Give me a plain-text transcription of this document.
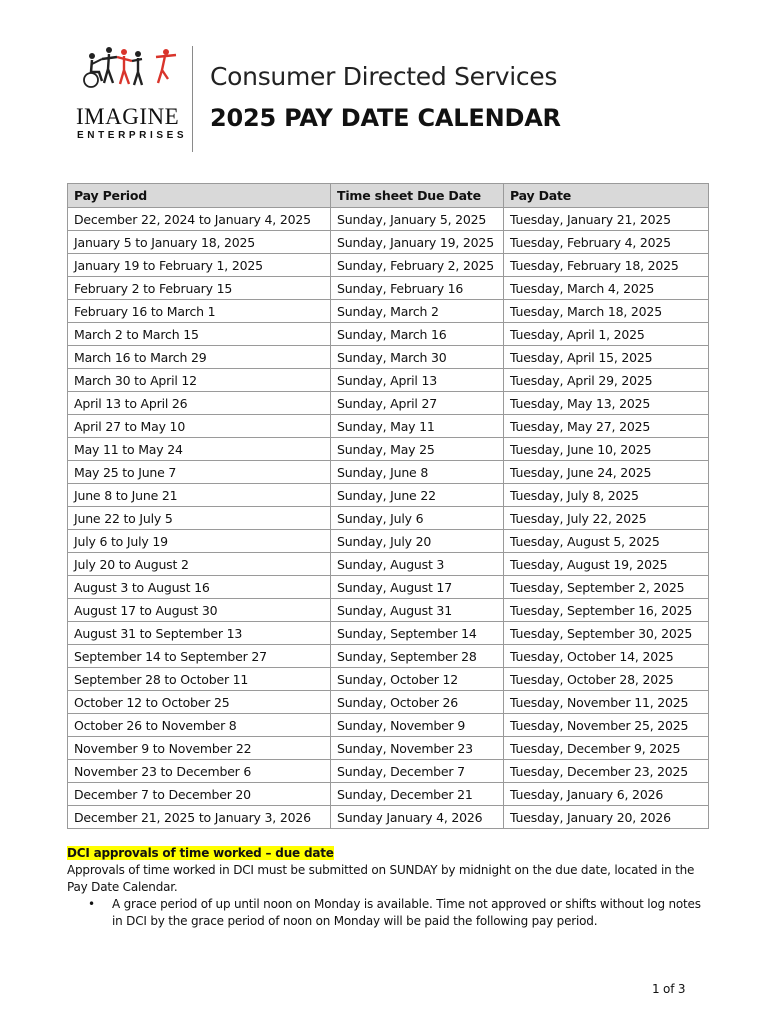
IMAGINE
ENTERPRISES
Consumer Directed Services
2025 PAY DATE CALENDAR
Pay Period	Time sheet Due Date	Pay Date
December 22, 2024 to January 4, 2025	Sunday, January 5, 2025	Tuesday, January 21, 2025
January 5 to January 18, 2025	Sunday, January 19, 2025	Tuesday, February 4, 2025
January 19 to February 1, 2025	Sunday, February 2, 2025	Tuesday, February 18, 2025
February 2 to February 15	Sunday, February 16	Tuesday, March 4, 2025
February 16 to March 1	Sunday, March 2	Tuesday, March 18, 2025
March 2 to March 15	Sunday, March 16	Tuesday, April 1, 2025
March 16 to March 29	Sunday, March 30	Tuesday, April 15, 2025
March 30 to April 12	Sunday, April 13	Tuesday, April 29, 2025
April 13 to April 26	Sunday, April 27	Tuesday, May 13, 2025
April 27 to May 10	Sunday, May 11	Tuesday, May 27, 2025
May 11 to May 24	Sunday, May 25	Tuesday, June 10, 2025
May 25 to June 7	Sunday, June 8	Tuesday, June 24, 2025
June 8 to June 21	Sunday, June 22	Tuesday, July 8, 2025
June 22 to July 5	Sunday, July 6	Tuesday, July 22, 2025
July 6 to July 19	Sunday, July 20	Tuesday, August 5, 2025
July 20 to August 2	Sunday, August 3	Tuesday, August 19, 2025
August 3 to August 16	Sunday, August 17	Tuesday, September 2, 2025
August 17 to August 30	Sunday, August 31	Tuesday, September 16, 2025
August 31 to September 13	Sunday, September 14	Tuesday, September 30, 2025
September 14 to September 27	Sunday, September 28	Tuesday, October 14, 2025
September 28 to October 11	Sunday, October 12	Tuesday, October 28, 2025
October 12 to October 25	Sunday, October 26	Tuesday, November 11, 2025
October 26 to November 8	Sunday, November 9	Tuesday, November 25, 2025
November 9 to November 22	Sunday, November 23	Tuesday, December 9, 2025
November 23 to December 6	Sunday, December 7	Tuesday, December 23, 2025
December 7 to December 20	Sunday, December 21	Tuesday, January 6, 2026
December 21, 2025 to January 3, 2026	Sunday January 4, 2026	Tuesday, January 20, 2026

DCI approvals of time worked – due date

Approvals of time worked in DCI must be submitted on SUNDAY by midnight on the due date, located in the Pay Date Calendar.

• A grace period of up until noon on Monday is available. Time not approved or shifts without log notes in DCI by the grace period of noon on Monday will be paid the following pay period.
1 of 3
